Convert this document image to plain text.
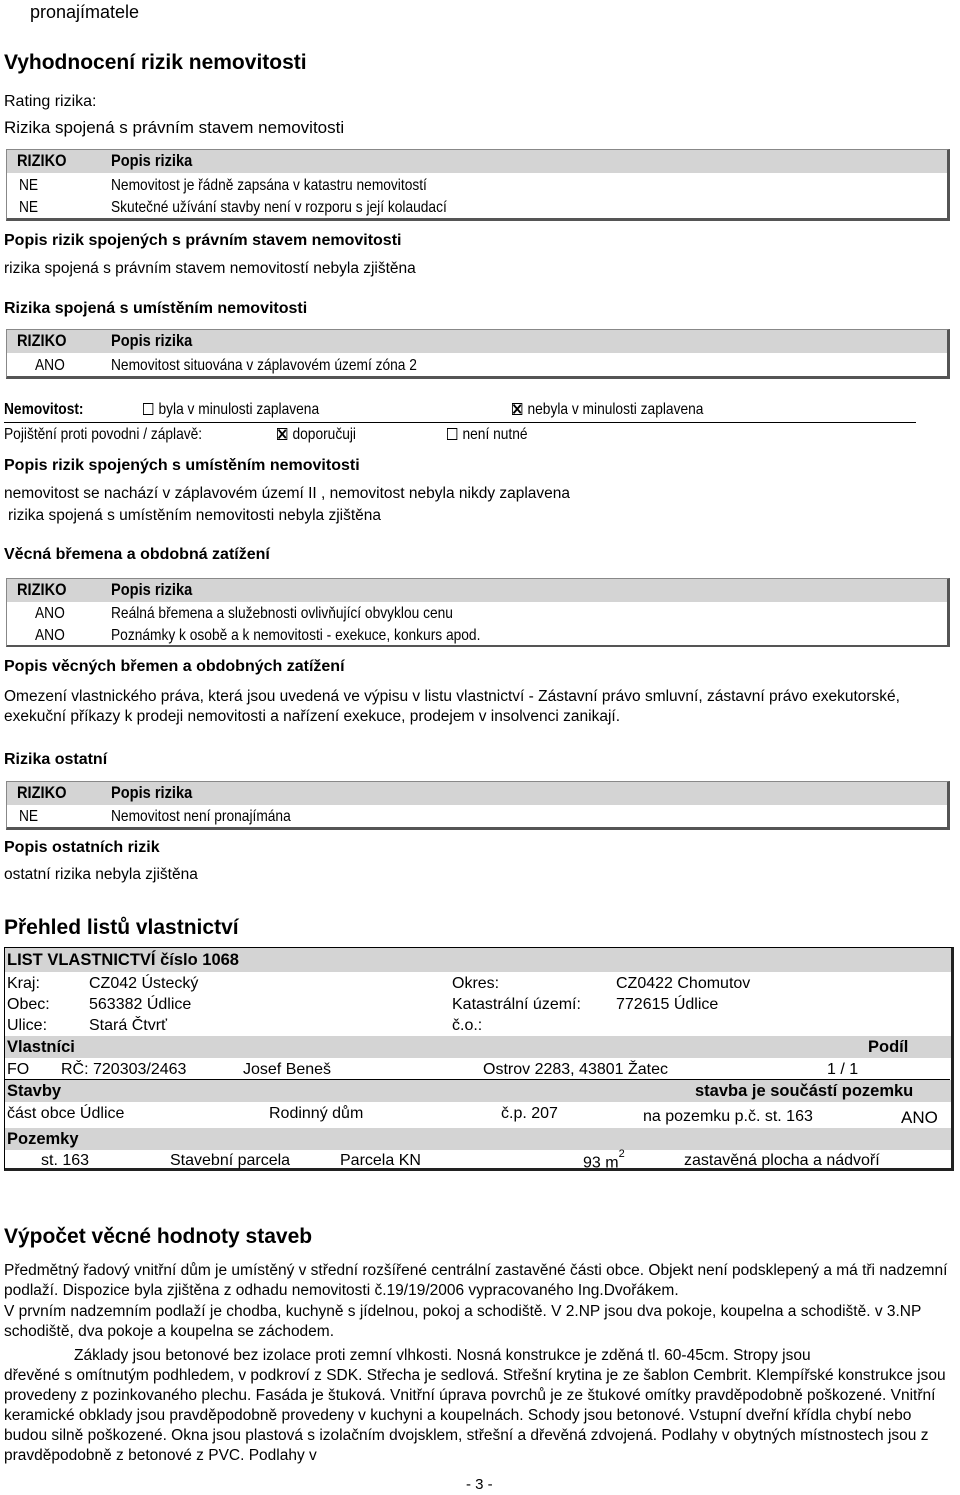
pronajímatele
Vyhodnocení rizik nemovitosti
Rating rizika:
Rizika spojená s právním stavem nemovitosti
RIZIKO	Popis rizika
NE	Nemovitost je řádně zapsána v katastru nemovitostí
NE	Skutečné užívání stavby není v rozporu s její kolaudací
Popis rizik spojených s právním stavem nemovitosti
rizika spojená s právním stavem nemovitostí nebyla zjištěna
Rizika spojená s umístěním nemovitosti
RIZIKO	Popis rizika
ANO	Nemovitost situována v záplavovém území zóna 2
Nemovitost:	byla v minulosti zaplavena	nebyla v minulosti zaplavena
Pojištění proti povodni / záplavě:	doporučuji	není nutné
Popis rizik spojených s umístěním nemovitosti
nemovitost se nachází v záplavovém území II , nemovitost nebyla nikdy zaplavena
rizika spojená s umístěním nemovitosti nebyla zjištěna
Věcná břemena a obdobná zatížení
RIZIKO	Popis rizika
ANO	Reálná břemena a služebnosti ovlivňující obvyklou cenu
ANO	Poznámky k osobě a k nemovitosti - exekuce, konkurs apod.
Popis věcných břemen a obdobných zatížení
Omezení vlastnického práva, která jsou uvedená ve výpisu v listu vlastnictví - Zástavní právo smluvní, zástavní právo exekutorské, exekuční příkazy k prodeji nemovitosti a nařízení exekuce, prodejem v insolvenci zanikají.
Rizika ostatní
RIZIKO	Popis rizika
NE	Nemovitost není pronajímána
Popis ostatních rizik
ostatní rizika nebyla zjištěna
Přehled listů vlastnictví
LIST VLASTNICTVÍ číslo 1068
Kraj:	CZ042 Ústecký	Okres:	CZ0422 Chomutov
Obec: 563382 Údlice	Katastrální území: 772615 Údlice
Ulice:	Stará Čtvrť	č.o.:
Vlastníci	Podíl
FO RČ: 720303/2463	Josef Beneš	Ostrov 2283, 43801 Žatec	1 / 1
Stavby	stavba je součástí pozemku
část obce Údlice	Rodinný dům	č.p. 207	na pozemku p.č. st. 163	ANO
Pozemky
st. 163	Stavební parcela	Parcela KN	93 $m^2$	zastavěná plocha a nádvoří
Výpočet věcné hodnoty staveb
Předmětný řadový vnitřní dům je umístěný v střední rozšířené centrální zastavěné části obce. Objekt není podsklepený a má tři nadzemní podlaží. Dispozice byla zjištěna z odhadu nemovitosti č.19/19/2006 vypracovaného Ing.Dvořákem.
V prvním nadzemním podlaží je chodba, kuchyně s jídelnou, pokoj a schodiště. V 2.NP jsou dva pokoje, koupelna a schodiště. v 3.NP schodiště, dva pokoje a koupelna se záchodem.
Základy jsou betonové bez izolace proti zemní vlhkosti. Nosná konstrukce je zděná tl. 60-45cm. Stropy jsou
dřevěné s omítnutým podhledem, v podkroví z SDK. Střecha je sedlová. Střešní krytina je ze šablon Cembrit. Klempířské konstrukce jsou provedeny z pozinkovaného plechu. Fasáda je štuková. Vnitřní úprava povrchů je ze štukové omítky pravděpodobně poškozené. Vnitřní keramické obklady jsou pravděpodobně provedeny v kuchyni a koupelnách. Schody jsou betonové. Vstupní dveřní křídla chybí nebo budou silně poškozené. Okna jsou plastová s izolačním dvojsklem, střešní a dřevěná zdvojená. Podlahy v obytných místnostech jsou z pravděpodobně z betonové z PVC. Podlahy v
- 3 -
